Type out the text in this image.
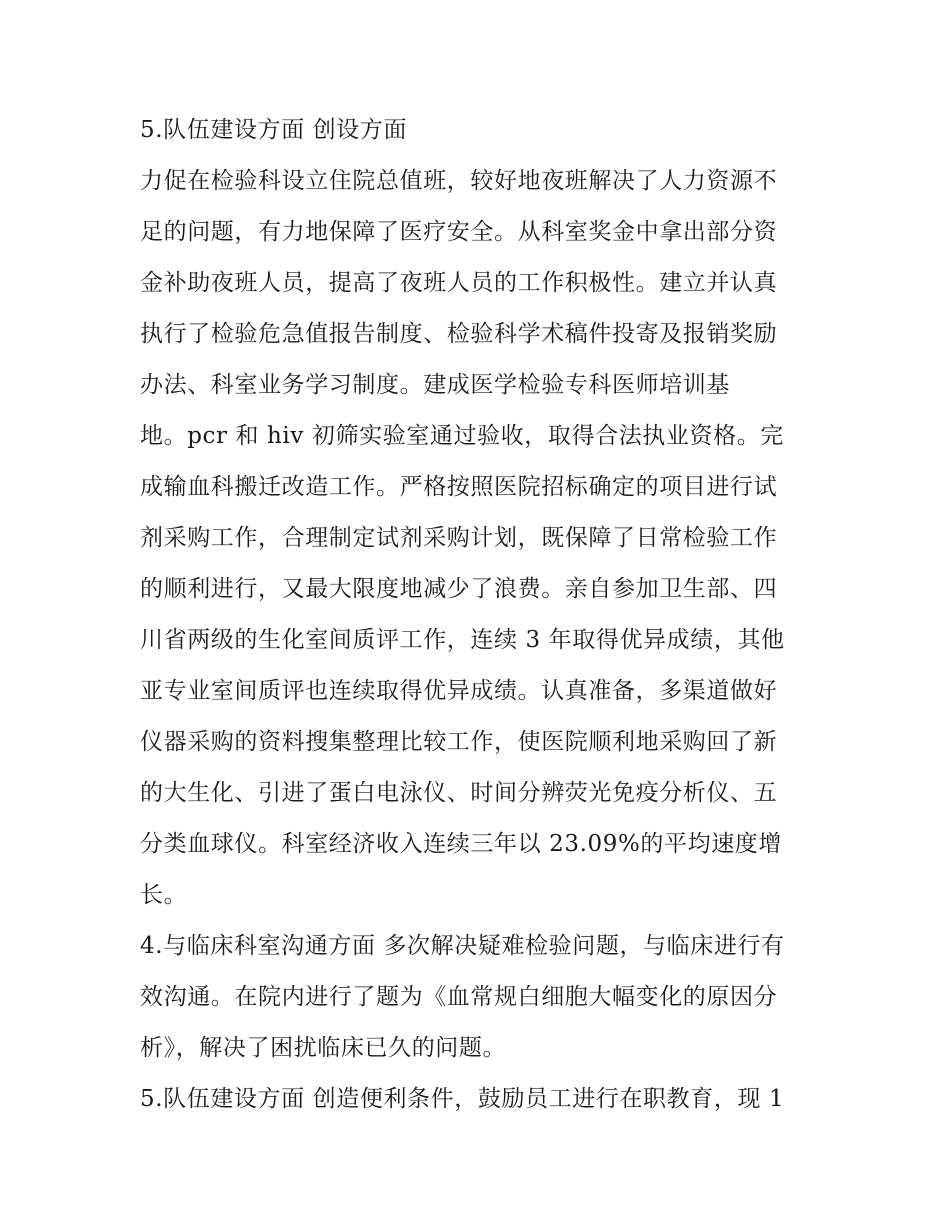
5.队伍建设方面 创设方面
力促在检验科设立住院总值班，较好地夜班解决了人力资源不
足的问题，有力地保障了医疗安全。从科室奖金中拿出部分资
金补助夜班人员，提高了夜班人员的工作积极性。建立并认真
执行了检验危急值报告制度、检验科学术稿件投寄及报销奖励
办法、科室业务学习制度。建成医学检验专科医师培训基
地。pcr 和 hiv 初筛实验室通过验收，取得合法执业资格。完
成输血科搬迁改造工作。严格按照医院招标确定的项目进行试
剂采购工作，合理制定试剂采购计划，既保障了日常检验工作
的顺利进行，又最大限度地减少了浪费。亲自参加卫生部、四
川省两级的生化室间质评工作，连续 3 年取得优异成绩，其他
亚专业室间质评也连续取得优异成绩。认真准备，多渠道做好
仪器采购的资料搜集整理比较工作，使医院顺利地采购回了新
的大生化、引进了蛋白电泳仪、时间分辨荧光免疫分析仪、五
分类血球仪。科室经济收入连续三年以 23.09%的平均速度增
长。
4.与临床科室沟通方面 多次解决疑难检验问题，与临床进行有
效沟通。在院内进行了题为《血常规白细胞大幅变化的原因分
析》，解决了困扰临床已久的问题。
5.队伍建设方面 创造便利条件，鼓励员工进行在职教育，现 1
